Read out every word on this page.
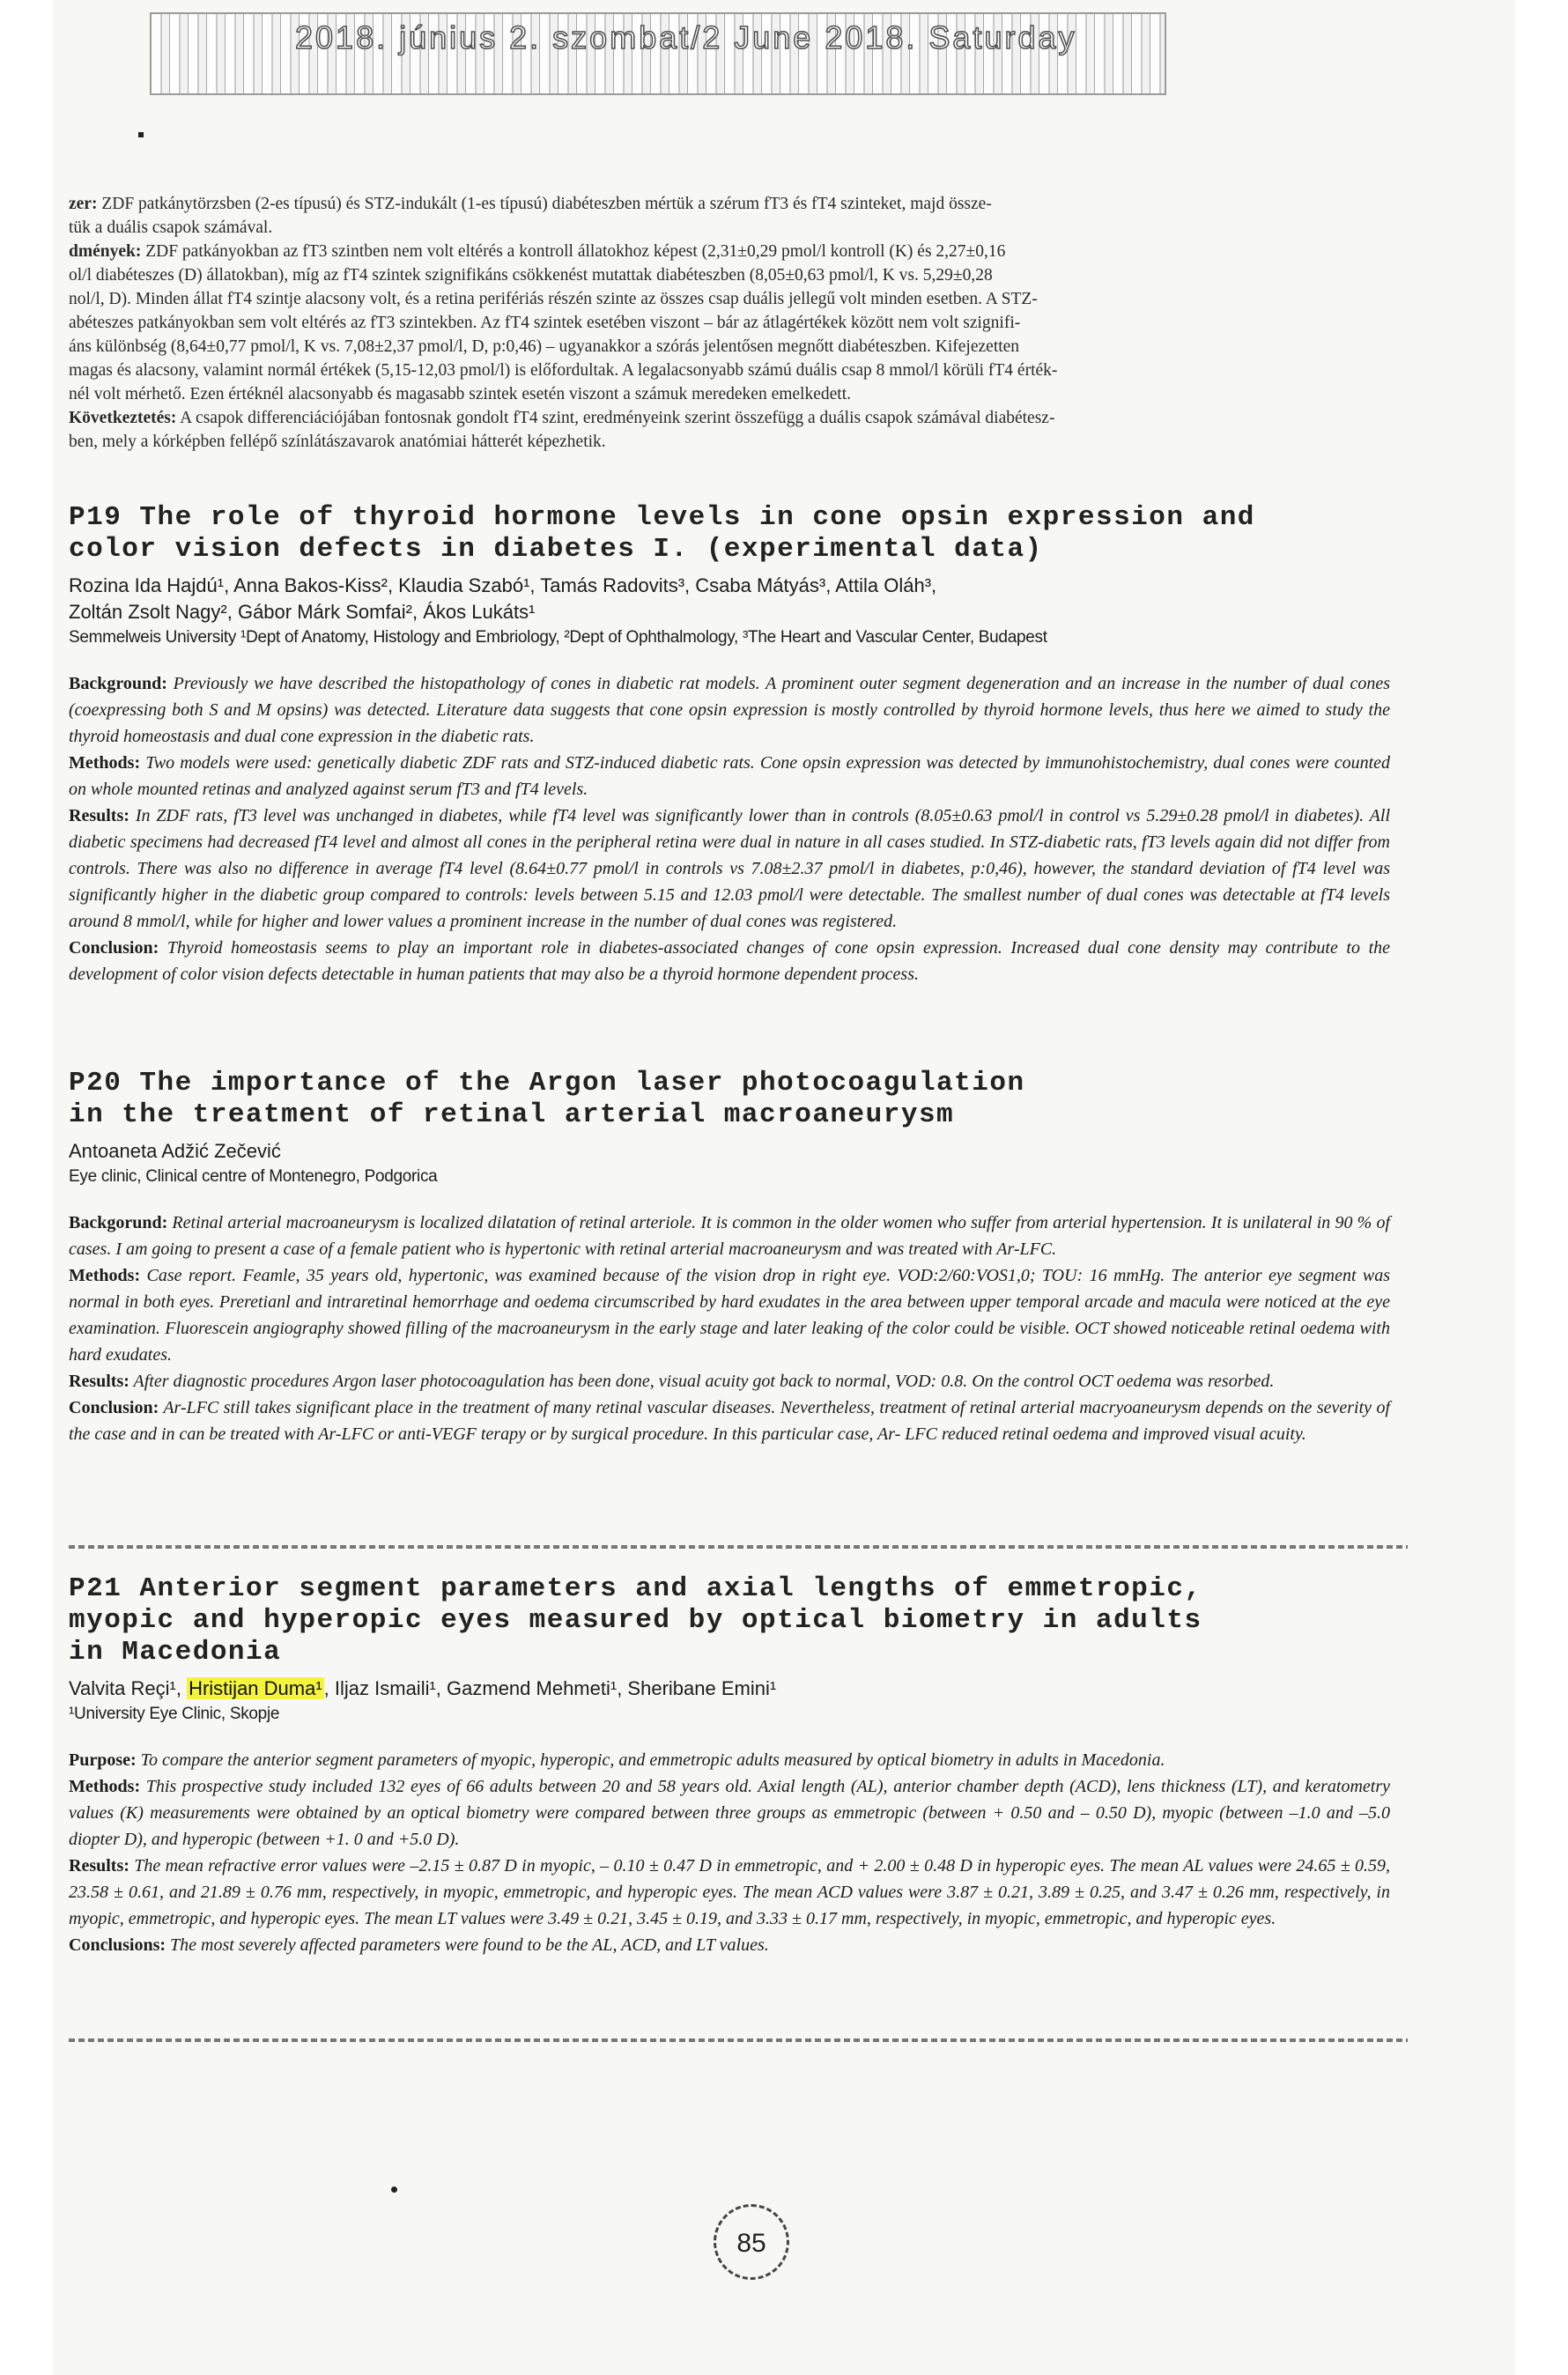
2018. június 2. szombat/2 June 2018. Saturday

zer: ZDF patkánytörzsben (2-es típusú) és STZ-indukált (1-es típusú) diabéteszben mértük a szérum fT3 és fT4 szinteket, majd össze-

tük a duális csapok számával.

dmények: ZDF patkányokban az fT3 szintben nem volt eltérés a kontroll állatokhoz képest (2,31±0,29 pmol/l kontroll (K) és 2,27±0,16

ol/l diabéteszes (D) állatokban), míg az fT4 szintek szignifikáns csökkenést mutattak diabéteszben (8,05±0,63 pmol/l, K vs. 5,29±0,28

nol/l, D). Minden állat fT4 szintje alacsony volt, és a retina perifériás részén szinte az összes csap duális jellegű volt minden esetben. A STZ-

abéteszes patkányokban sem volt eltérés az fT3 szintekben. Az fT4 szintek esetében viszont – bár az átlagértékek között nem volt szignifi-

áns különbség (8,64±0,77 pmol/l, K vs. 7,08±2,37 pmol/l, D, p:0,46) – ugyanakkor a szórás jelentősen megnőtt diabéteszben. Kifejezetten

magas és alacsony, valamint normál értékek (5,15-12,03 pmol/l) is előfordultak. A legalacsonyabb számú duális csap 8 mmol/l körüli fT4 érték-

nél volt mérhető. Ezen értéknél alacsonyabb és magasabb szintek esetén viszont a számuk meredeken emelkedett.

Következtetés: A csapok differenciációjában fontosnak gondolt fT4 szint, eredményeink szerint összefügg a duális csapok számával diabétesz-

ben, mely a kórképben fellépő színlátászavarok anatómiai hátterét képezhetik.

P19 The role of thyroid hormone levels in cone opsin expression and
color vision defects in diabetes I. (experimental data)

Rozina Ida Hajdú¹, Anna Bakos-Kiss², Klaudia Szabó¹, Tamás Radovits³, Csaba Mátyás³, Attila Oláh³,
Zoltán Zsolt Nagy², Gábor Márk Somfai², Ákos Lukáts¹

Semmelweis University ¹Dept of Anatomy, Histology and Embriology, ²Dept of Ophthalmology, ³The Heart and Vascular Center, Budapest

Background: Previously we have described the histopathology of cones in diabetic rat models. A prominent outer segment degeneration and an increase in the number of dual cones (coexpressing both S and M opsins) was detected. Literature data suggests that cone opsin expression is mostly controlled by thyroid hormone levels, thus here we aimed to study the thyroid homeostasis and dual cone expression in the diabetic rats.

Methods: Two models were used: genetically diabetic ZDF rats and STZ-induced diabetic rats. Cone opsin expression was detected by immunohistochemistry, dual cones were counted on whole mounted retinas and analyzed against serum fT3 and fT4 levels.

Results: In ZDF rats, fT3 level was unchanged in diabetes, while fT4 level was significantly lower than in controls (8.05±0.63 pmol/l in control vs 5.29±0.28 pmol/l in diabetes). All diabetic specimens had decreased fT4 level and almost all cones in the peripheral retina were dual in nature in all cases studied. In STZ-diabetic rats, fT3 levels again did not differ from controls. There was also no difference in average fT4 level (8.64±0.77 pmol/l in controls vs 7.08±2.37 pmol/l in diabetes, p:0,46), however, the standard deviation of fT4 level was significantly higher in the diabetic group compared to controls: levels between 5.15 and 12.03 pmol/l were detectable. The smallest number of dual cones was detectable at fT4 levels around 8 mmol/l, while for higher and lower values a prominent increase in the number of dual cones was registered.

Conclusion: Thyroid homeostasis seems to play an important role in diabetes-associated changes of cone opsin expression. Increased dual cone density may contribute to the development of color vision defects detectable in human patients that may also be a thyroid hormone dependent process.

P20 The importance of the Argon laser photocoagulation
in the treatment of retinal arterial macroaneurysm

Antoaneta Adžić Zečević

Eye clinic, Clinical centre of Montenegro, Podgorica

Backgorund: Retinal arterial macroaneurysm is localized dilatation of retinal arteriole. It is common in the older women who suffer from arterial hypertension. It is unilateral in 90 % of cases. I am going to present a case of a female patient who is hypertonic with retinal arterial macroaneurysm and was treated with Ar-LFC.

Methods: Case report. Feamle, 35 years old, hypertonic, was examined because of the vision drop in right eye. VOD:2/60:VOS1,0; TOU: 16 mmHg. The anterior eye segment was normal in both eyes. Preretianl and intraretinal hemorrhage and oedema circumscribed by hard exudates in the area between upper temporal arcade and macula were noticed at the eye examination. Fluorescein angiography showed filling of the macroaneurysm in the early stage and later leaking of the color could be visible. OCT showed noticeable retinal oedema with hard exudates.

Results: After diagnostic procedures Argon laser photocoagulation has been done, visual acuity got back to normal, VOD: 0.8. On the control OCT oedema was resorbed.

Conclusion: Ar-LFC still takes significant place in the treatment of many retinal vascular diseases. Nevertheless, treatment of retinal arterial macryoaneurysm depends on the severity of the case and in can be treated with Ar-LFC or anti-VEGF terapy or by surgical procedure. In this particular case, Ar- LFC reduced retinal oedema and improved visual acuity.

P21 Anterior segment parameters and axial lengths of emmetropic,
myopic and hyperopic eyes measured by optical biometry in adults
in Macedonia

Valvita Reçi¹, Hristijan Duma¹, Iljaz Ismaili¹, Gazmend Mehmeti¹, Sheribane Emini¹

¹University Eye Clinic, Skopje

Purpose: To compare the anterior segment parameters of myopic, hyperopic, and emmetropic adults measured by optical biometry in adults in Macedonia.

Methods: This prospective study included 132 eyes of 66 adults between 20 and 58 years old. Axial length (AL), anterior chamber depth (ACD), lens thickness (LT), and keratometry values (K) measurements were obtained by an optical biometry were compared between three groups as emmetropic (between + 0.50 and – 0.50 D), myopic (between –1.0 and –5.0 diopter D), and hyperopic (between +1. 0 and +5.0 D).

Results: The mean refractive error values were –2.15 ± 0.87 D in myopic, – 0.10 ± 0.47 D in emmetropic, and + 2.00 ± 0.48 D in hyperopic eyes. The mean AL values were 24.65 ± 0.59, 23.58 ± 0.61, and 21.89 ± 0.76 mm, respectively, in myopic, emmetropic, and hyperopic eyes. The mean ACD values were 3.87 ± 0.21, 3.89 ± 0.25, and 3.47 ± 0.26 mm, respectively, in myopic, emmetropic, and hyperopic eyes. The mean LT values were 3.49 ± 0.21, 3.45 ± 0.19, and 3.33 ± 0.17 mm, respectively, in myopic, emmetropic, and hyperopic eyes.

Conclusions: The most severely affected parameters were found to be the AL, ACD, and LT values.

85
